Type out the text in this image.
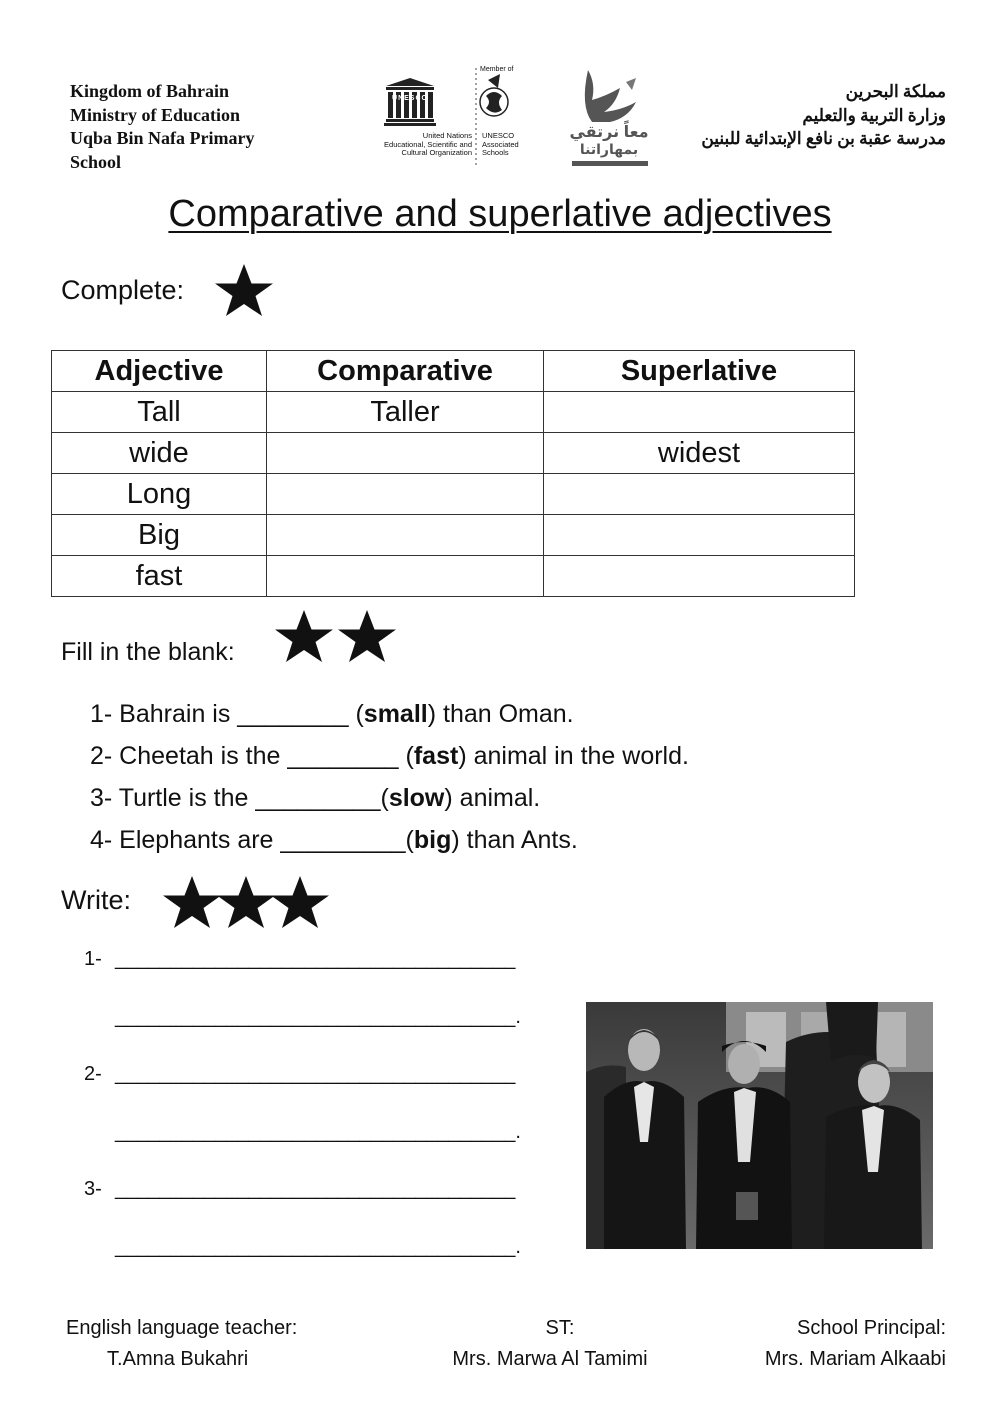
Kingdom of Bahrain
Ministry of Education
Uqba Bin Nafa Primary
School
UNESCO
Member of
United Nations
Educational, Scientific and
Cultural Organization
UNESCO
Associated
Schools
معاً نرتقي
بمهاراتنا
مملكة البحرين
وزارة التربية والتعليم
مدرسة عقبة بن نافع الإبتدائية للبنين
Comparative and superlative adjectives
Complete:
Adjective	Comparative	Superlative
Tall	Taller	
wide		widest
Long		
Big		
fast		
Fill in the blank:
1- Bahrain is ________ (small) than Oman.
2- Cheetah is the ________ (fast) animal in the world.
3- Turtle is the _________(slow) animal.
4- Elephants are _________(big) than Ants.
Write:
1- ____________________________________
____________________________________.
2- ____________________________________
____________________________________.
3- ____________________________________
____________________________________.
English language teacher:
T.Amna Bukahri
ST:
Mrs. Marwa Al Tamimi
School Principal:
Mrs. Mariam Alkaabi
